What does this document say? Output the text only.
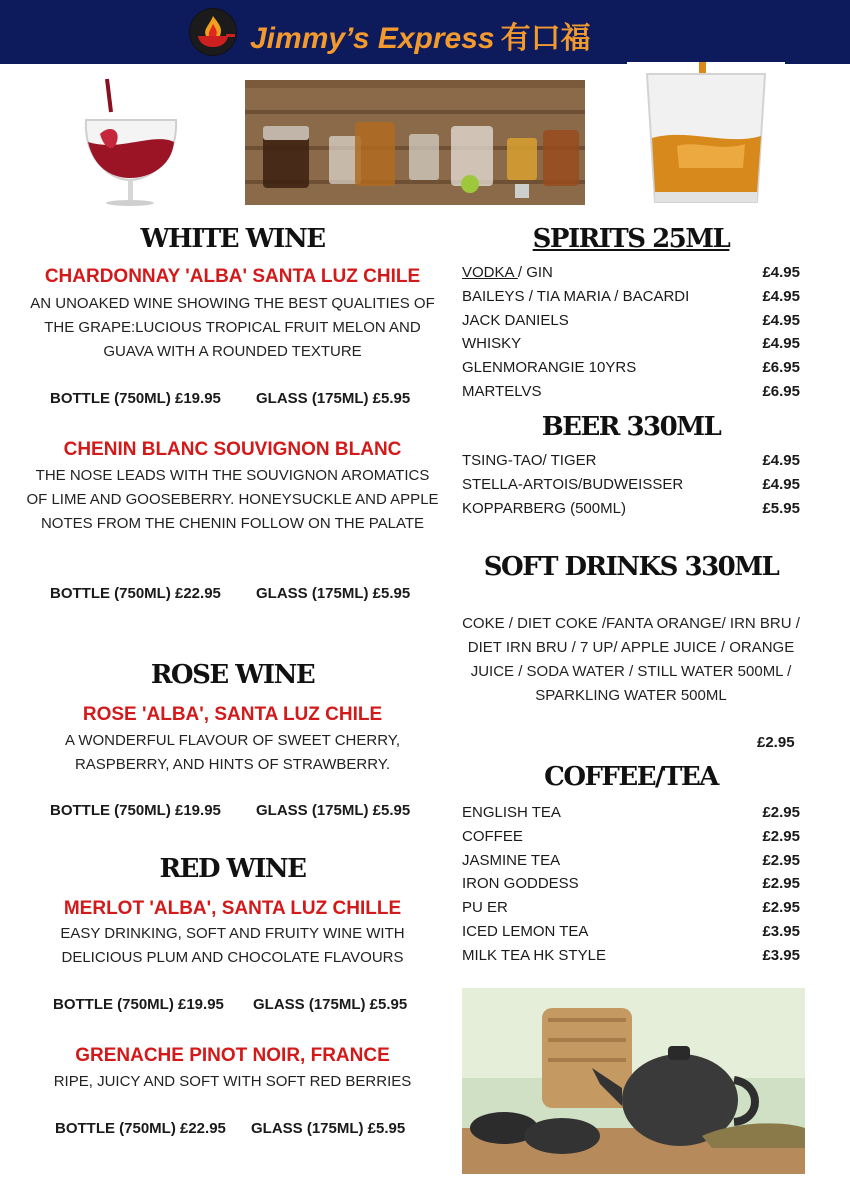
Jimmy’s Express 有口福
WHITE WINE
CHARDONNAY 'ALBA' SANTA LUZ CHILE
AN UNOAKED WINE SHOWING THE BEST QUALITIES OF THE GRAPE:LUCIOUS TROPICAL FRUIT MELON AND GUAVA WITH A ROUNDED TEXTURE
BOTTLE (750ML) £19.95 GLASS (175ML) £5.95
CHENIN BLANC SOUVIGNON BLANC
THE NOSE LEADS WITH THE SOUVIGNON AROMATICS OF LIME AND GOOSEBERRY. HONEYSUCKLE AND APPLE NOTES FROM THE CHENIN FOLLOW ON THE PALATE
BOTTLE (750ML) £22.95 GLASS (175ML) £5.95
ROSE WINE
ROSE 'ALBA', SANTA LUZ CHILE
A WONDERFUL FLAVOUR OF SWEET CHERRY, RASPBERRY, AND HINTS OF STRAWBERRY.
BOTTLE (750ML) £19.95 GLASS (175ML) £5.95
RED WINE
MERLOT 'ALBA', SANTA LUZ CHILLE
EASY DRINKING, SOFT AND FRUITY WINE WITH DELICIOUS PLUM AND CHOCOLATE FLAVOURS
BOTTLE (750ML) £19.95 GLASS (175ML) £5.95
GRENACHE PINOT NOIR, FRANCE
RIPE, JUICY AND SOFT WITH SOFT RED BERRIES
BOTTLE (750ML) £22.95 GLASS (175ML) £5.95
SPIRITS 25ML
VODKA / GIN	£4.95
BAILEYS / TIA MARIA / BACARDI	£4.95
JACK DANIELS	£4.95
WHISKY	£4.95
GLENMORANGIE 10YRS	£6.95
MARTELVS	£6.95
BEER 330ML
TSING-TAO/ TIGER	£4.95
STELLA-ARTOIS/BUDWEISSER	£4.95
KOPPARBERG (500ML)	£5.95
SOFT DRINKS 330ML
COKE / DIET COKE /FANTA ORANGE/ IRN BRU / DIET IRN BRU / 7 UP/ APPLE JUICE / ORANGE JUICE / SODA WATER / STILL WATER 500ML / SPARKLING WATER 500ML
£2.95
COFFEE/TEA
ENGLISH TEA	£2.95
COFFEE	£2.95
JASMINE TEA	£2.95
IRON GODDESS	£2.95
PU ER	£2.95
ICED LEMON TEA	£3.95
MILK TEA HK STYLE	£3.95
